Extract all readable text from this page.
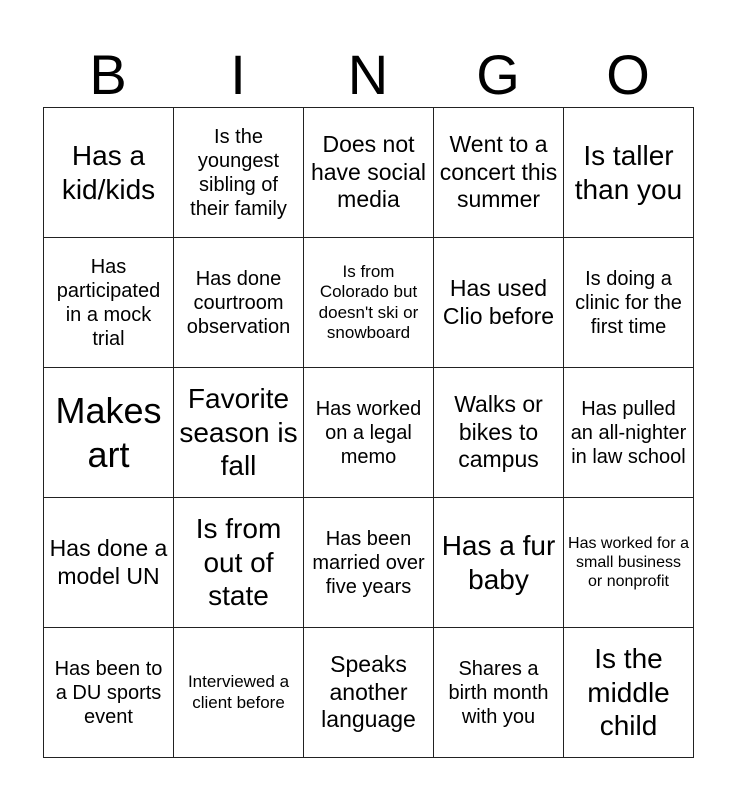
B	I	N	G	O
Has a kid/kids	Is the youngest sibling of their family	Does not have social media	Went to a concert this summer	Is taller than you
Has participated in a mock trial	Has done courtroom observation	Is from Colorado but doesn't ski or snowboard	Has used Clio before	Is doing a clinic for the first time
Makes art	Favorite season is fall	Has worked on a legal memo	Walks or bikes to campus	Has pulled an all-nighter in law school
Has done a model UN	Is from out of state	Has been married over five years	Has a fur baby	Has worked for a small business or nonprofit
Has been to a DU sports event	Interviewed a client before	Speaks another language	Shares a birth month with you	Is the middle child
